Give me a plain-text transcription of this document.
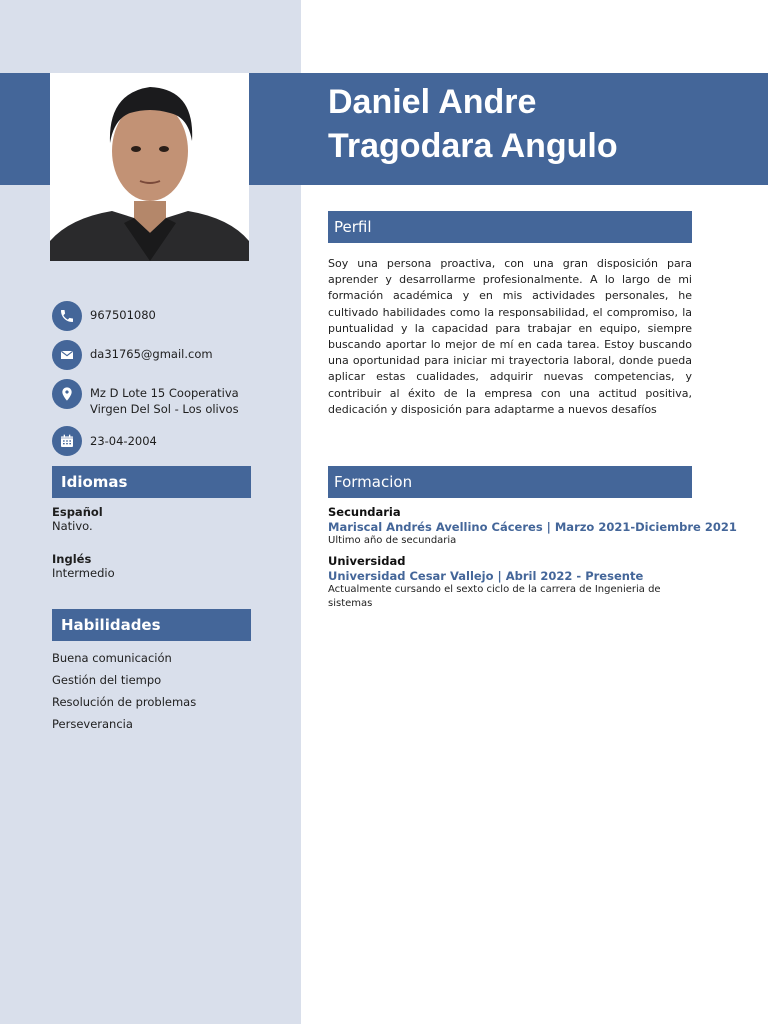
Daniel Andre
Tragodara Angulo
967501080
da31765@gmail.com
Mz D Lote 15 Cooperativa
Virgen Del Sol - Los olivos
23-04-2004
Idiomas
Español
Nativo.
Inglés
Intermedio
Habilidades
Buena comunicación
Gestión del tiempo
Resolución de problemas
Perseverancia
Perfil

Soy una persona proactiva, con una gran disposición para aprender y desarrollarme profesionalmente. A lo largo de mi formación académica y en mis actividades personales, he cultivado habilidades como la responsabilidad, el compromiso, la puntualidad y la capacidad para trabajar en equipo, siempre buscando aportar lo mejor de mí en cada tarea. Estoy buscando una oportunidad para iniciar mi trayectoria laboral, donde pueda aplicar estas cualidades, adquirir nuevas competencias, y contribuir al éxito de la empresa con una actitud positiva, dedicación y disposición para adaptarme a nuevos desafíos

Formacion
Secundaria
Mariscal Andrés Avellino Cáceres | Marzo 2021-Diciembre 2021
Ultimo año de secundaria
Universidad
Universidad Cesar Vallejo | Abril 2022 - Presente
Actualmente cursando el sexto ciclo de la carrera de Ingenieria de sistemas
